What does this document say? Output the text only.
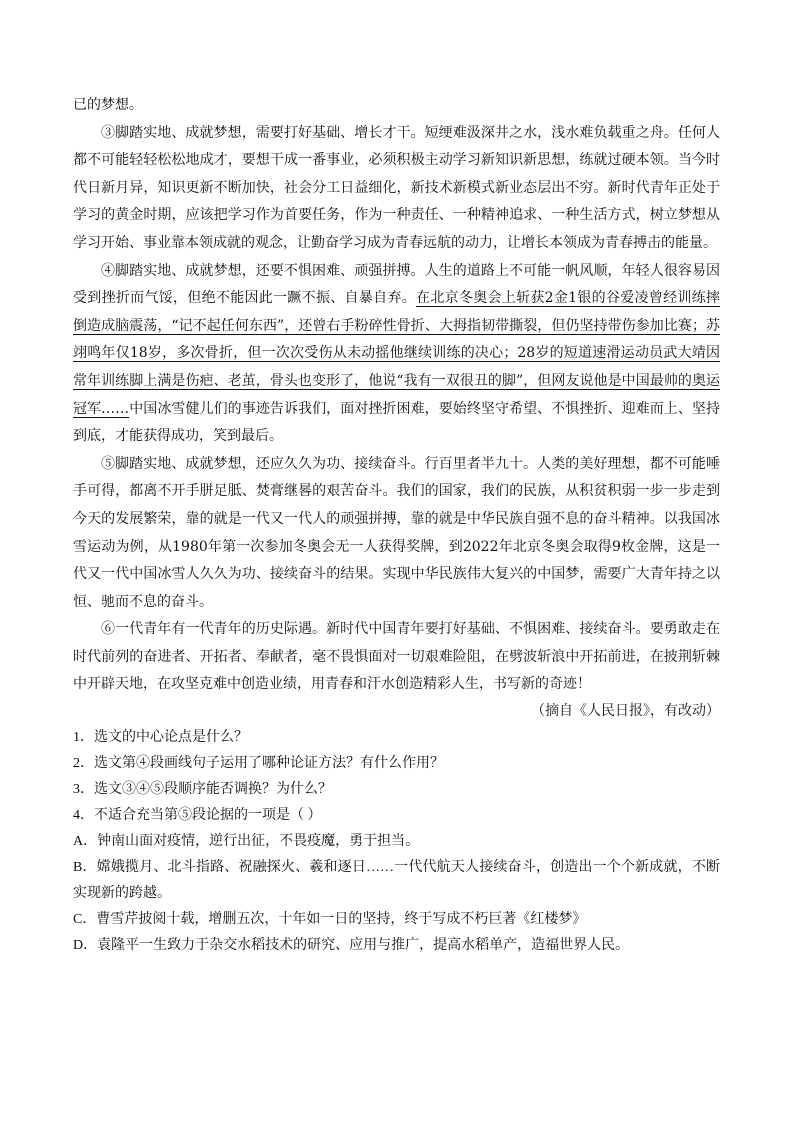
已的梦想。

③脚踏实地、成就梦想，需要打好基础、增长才干。短绠难汲深井之水，浅水难负载重之舟。任何人都不可能轻轻松松地成才，要想干成一番事业，必须积极主动学习新知识新思想，练就过硬本领。当今时代日新月异，知识更新不断加快，社会分工日益细化，新技术新模式新业态层出不穷。新时代青年正处于学习的黄金时期，应该把学习作为首要任务，作为一种责任、一种精神追求、一种生活方式，树立梦想从学习开始、事业靠本领成就的观念，让勤奋学习成为青春远航的动力，让增长本领成为青春搏击的能量。

④脚踏实地、成就梦想，还要不惧困难、顽强拼搏。人生的道路上不可能一帆风顺，年轻人很容易因受到挫折而气馁，但绝不能因此一蹶不振、自暴自弃。在北京冬奥会上斩获2金1银的谷爱凌曾经训练摔倒造成脑震荡，“记不起任何东西”，还曾右手粉碎性骨折、大拇指韧带撕裂，但仍坚持带伤参加比赛；苏翊鸣年仅18岁，多次骨折，但一次次受伤从未动摇他继续训练的决心；28岁的短道速滑运动员武大靖因常年训练脚上满是伤疤、老茧，骨头也变形了，他说“我有一双很丑的脚”，但网友说他是中国最帅的奥运冠军……中国冰雪健儿们的事迹告诉我们，面对挫折困难，要始终坚守希望、不惧挫折、迎难而上、坚持到底，才能获得成功，笑到最后。

⑤脚踏实地、成就梦想，还应久久为功、接续奋斗。行百里者半九十。人类的美好理想，都不可能唾手可得，都离不开手胼足胝、焚膏继晷的艰苦奋斗。我们的国家，我们的民族，从积贫积弱一步一步走到今天的发展繁荣，靠的就是一代又一代人的顽强拼搏，靠的就是中华民族自强不息的奋斗精神。以我国冰雪运动为例，从1980年第一次参加冬奥会无一人获得奖牌，到2022年北京冬奥会取得9枚金牌，这是一代又一代中国冰雪人久久为功、接续奋斗的结果。实现中华民族伟大复兴的中国梦，需要广大青年持之以恒、驰而不息的奋斗。

⑥一代青年有一代青年的历史际遇。新时代中国青年要打好基础、不惧困难、接续奋斗。要勇敢走在时代前列的奋进者、开拓者、奉献者，毫不畏惧面对一切艰难险阻，在劈波斩浪中开拓前进，在披荆斩棘中开辟天地，在攻坚克难中创造业绩，用青春和汗水创造精彩人生，书写新的奇迹！

（摘自《人民日报》，有改动）

1．选文的中心论点是什么？

2．选文第④段画线句子运用了哪种论证方法？有什么作用？

3．选文③④⑤段顺序能否调换？为什么？

4．不适合充当第⑤段论据的一项是（ ）

A．钟南山面对疫情，逆行出征，不畏疫魔，勇于担当。

B．嫦娥揽月、北斗指路、祝融探火、羲和逐日……一代代航天人接续奋斗，创造出一个个新成就，不断实现新的跨越。

C．曹雪芹披阅十载，增删五次，十年如一日的坚持，终于写成不朽巨著《红楼梦》

D．袁隆平一生致力于杂交水稻技术的研究、应用与推广，提高水稻单产，造福世界人民。
